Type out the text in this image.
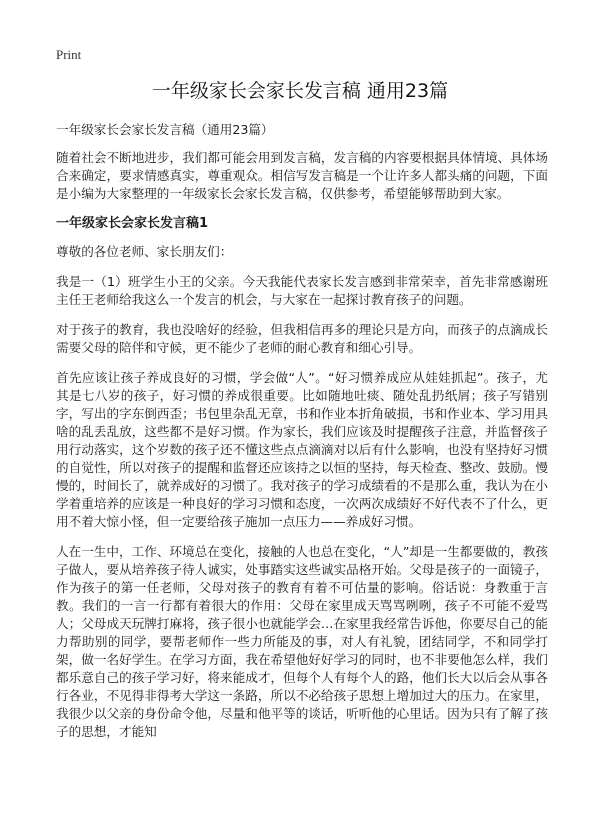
Print
一年级家长会家长发言稿 通用23篇

一年级家长会家长发言稿（通用23篇）

随着社会不断地进步，我们都可能会用到发言稿，发言稿的内容要根据具体情境、具体场合来确定，要求情感真实，尊重观众。相信写发言稿是一个让许多人都头痛的问题，下面是小编为大家整理的一年级家长会家长发言稿，仅供参考，希望能够帮助到大家。

一年级家长会家长发言稿1

尊敬的各位老师、家长朋友们：

我是一（1）班学生小王的父亲。今天我能代表家长发言感到非常荣幸，首先非常感谢班主任王老师给我这么一个发言的机会，与大家在一起探讨教育孩子的问题。

对于孩子的教育，我也没啥好的经验，但我相信再多的理论只是方向，而孩子的点滴成长需要父母的陪伴和守候，更不能少了老师的耐心教育和细心引导。

首先应该让孩子养成良好的习惯，学会做“人”。“好习惯养成应从娃娃抓起”。孩子，尤其是七八岁的孩子，好习惯的养成很重要。比如随地吐痰、随处乱扔纸屑；孩子写错别字，写出的字东倒西歪；书包里杂乱无章，书和作业本折角破损，书和作业本、学习用具啥的乱丢乱放，这些都不是好习惯。作为家长，我们应该及时提醒孩子注意，并监督孩子用行动落实，这个岁数的孩子还不懂这些点点滴滴对以后有什么影响，也没有坚持好习惯的自觉性，所以对孩子的提醒和监督还应该持之以恒的坚持，每天检查、整改、鼓励。慢慢的，时间长了，就养成好的习惯了。我对孩子的学习成绩看的不是那么重，我认为在小学着重培养的应该是一种良好的学习习惯和态度，一次两次成绩好不好代表不了什么，更用不着大惊小怪，但一定要给孩子施加一点压力——养成好习惯。

人在一生中，工作、环境总在变化，接触的人也总在变化，“人”却是一生都要做的，教孩子做人，要从培养孩子待人诚实，处事踏实这些诚实品格开始。父母是孩子的一面镜子，作为孩子的第一任老师，父母对孩子的教育有着不可估量的影响。俗话说：身教重于言教。我们的一言一行都有着很大的作用：父母在家里成天骂骂咧咧，孩子不可能不爱骂人；父母成天玩牌打麻将，孩子很小也就能学会…在家里我经常告诉他，你要尽自己的能力帮助别的同学，要帮老师作一些力所能及的事，对人有礼貌，团结同学，不和同学打架，做一名好学生。在学习方面，我在希望他好好学习的同时，也不非要他怎么样，我们都乐意自己的孩子学习好，将来能成才，但每个人有每个人的路，他们长大以后会从事各行各业，不见得非得考大学这一条路，所以不必给孩子思想上增加过大的压力。在家里，我很少以父亲的身份命令他，尽量和他平等的谈话，听听他的心里话。因为只有了解了孩子的思想，才能知
